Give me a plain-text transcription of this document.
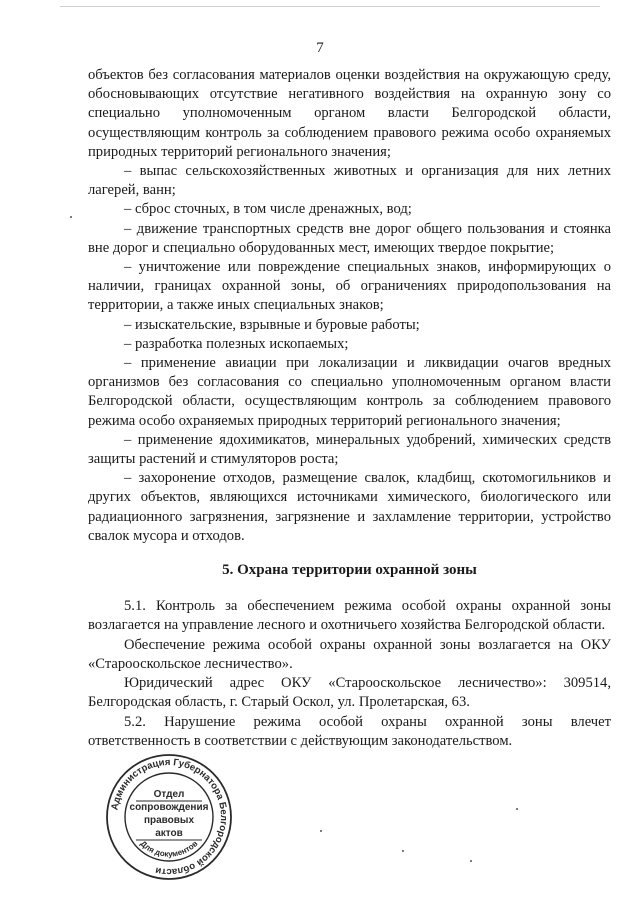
7

объектов без согласования материалов оценки воздействия на окружающую среду, обосновывающих отсутствие негативного воздействия на охранную зону со специально уполномоченным органом власти Белгородской области, осуществляющим контроль за соблюдением правового режима особо охраняемых природных территорий регионального значения;

– выпас сельскохозяйственных животных и организация для них летних лагерей, ванн;

– сброс сточных, в том числе дренажных, вод;

– движение транспортных средств вне дорог общего пользования и стоянка вне дорог и специально оборудованных мест, имеющих твердое покрытие;

– уничтожение или повреждение специальных знаков, информирующих о наличии, границах охранной зоны, об ограничениях природопользования на территории, а также иных специальных знаков;

– изыскательские, взрывные и буровые работы;

– разработка полезных ископаемых;

– применение авиации при локализации и ликвидации очагов вредных организмов без согласования со специально уполномоченным органом власти Белгородской области, осуществляющим контроль за соблюдением правового режима особо охраняемых природных территорий регионального значения;

– применение ядохимикатов, минеральных удобрений, химических средств защиты растений и стимуляторов роста;

– захоронение отходов, размещение свалок, кладбищ, скотомогильников и других объектов, являющихся источниками химического, биологического или радиационного загрязнения, загрязнение и захламление территории, устройство свалок мусора и отходов.

5. Охрана территории охранной зоны

5.1. Контроль за обеспечением режима особой охраны охранной зоны возлагается на управление лесного и охотничьего хозяйства Белгородской области.

Обеспечение режима особой охраны охранной зоны возлагается на ОКУ «Старооскольское лесничество».

Юридический адрес ОКУ «Старооскольское лесничество»: 309514, Белгородская область, г. Старый Оскол, ул. Пролетарская, 63.

5.2. Нарушение режима особой охраны охранной зоны влечет ответственность в соответствии с действующим законодательством.

Администрация Губернатора Белгородской области
Для документов
Отдел
сопровождения
правовых
актов
